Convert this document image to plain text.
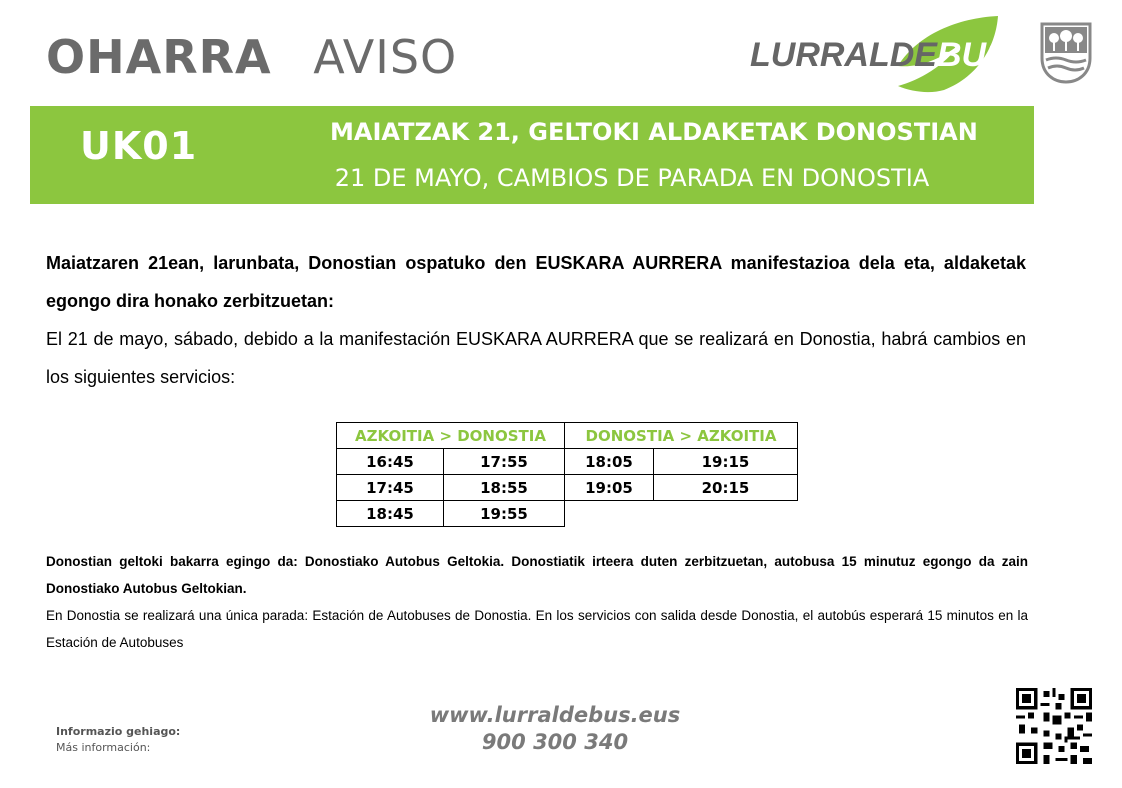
OHARRA AVISO	LURRALDEBUS
UK01	MAIATZAK 21, GELTOKI ALDAKETAK DONOSTIAN
21 DE MAYO, CAMBIOS DE PARADA EN DONOSTIA

Maiatzaren 21ean, larunbata, Donostian ospatuko den EUSKARA AURRERA manifestazioa dela eta, aldaketak egongo dira honako zerbitzuetan:

El 21 de mayo, sábado, debido a la manifestación EUSKARA AURRERA que se realizará en Donostia, habrá cambios en los siguientes servicios:

AZKOITIA > DONOSTIA		DONOSTIA > AZKOITIA	
16:45	17:55	18:05	19:15
17:45	18:55	19:05	20:15
18:45	19:55		

Donostian geltoki bakarra egingo da: Donostiako Autobus Geltokia. Donostiatik irteera duten zerbitzuetan, autobusa 15 minutuz egongo da zain Donostiako Autobus Geltokian.

En Donostia se realizará una única parada: Estación de Autobuses de Donostia. En los servicios con salida desde Donostia, el autobús esperará 15 minutos en la Estación de Autobuses

Informazio gehiago:
Más información:
www.lurraldebus.eus
900 300 340
